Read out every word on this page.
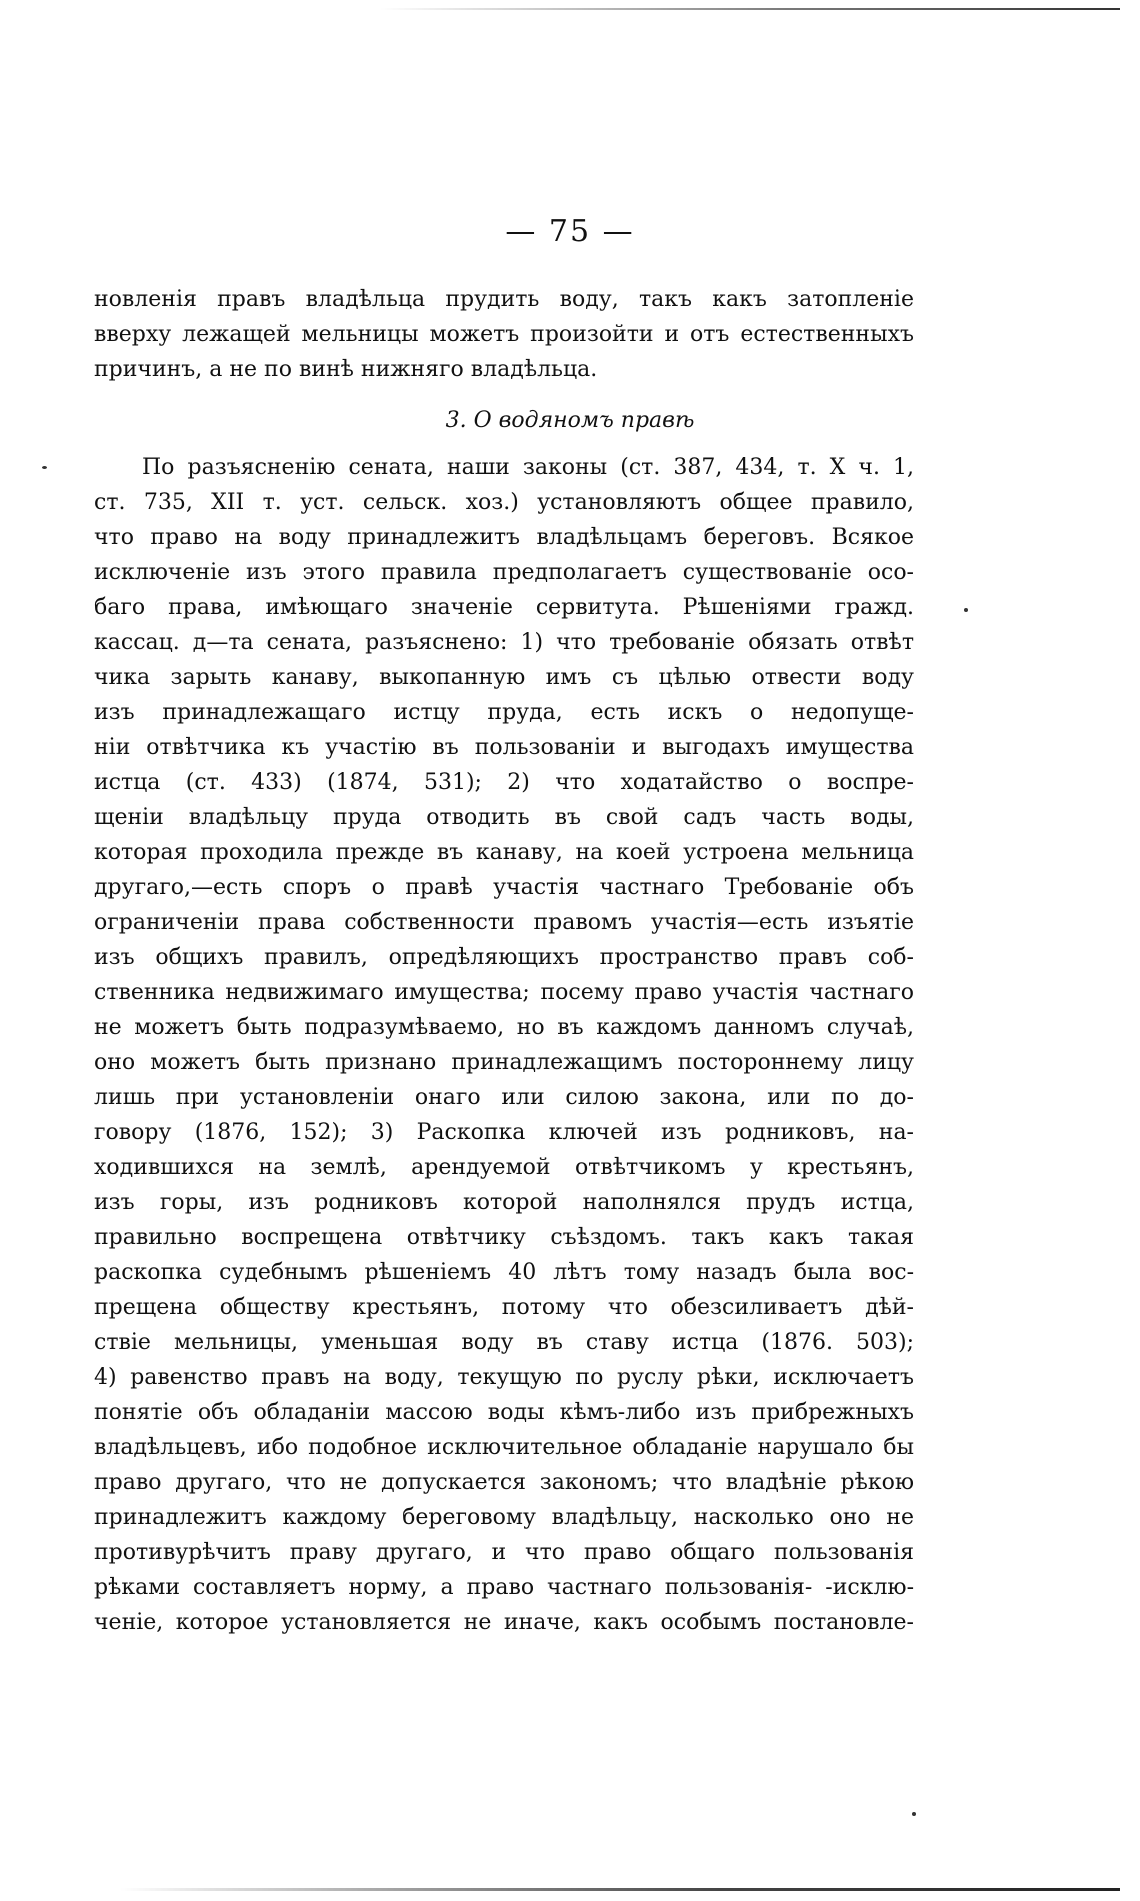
— 75 —
новленія правъ владѣльца прудить воду, такъ какъ затопленіе
вверху лежащей мельницы можетъ произойти и отъ естественныхъ
причинъ, а не по винѣ нижняго владѣльца.
3. О водяномъ правѣ
По разъясненію сената, наши законы (ст. 387, 434, т. X ч. 1,
ст. 735, XII т. уст. сельск. хоз.) установляютъ общее правило,
что право на воду принадлежитъ владѣльцамъ береговъ. Всякое
исключеніе изъ этого правила предполагаетъ существованіе осо-
баго права, имѣющаго значеніе сервитута. Рѣшеніями гражд.
кассац. д—та сената, разъяснено: 1) что требованіе обязать отвѣт
чика зарыть канаву, выкопанную имъ съ цѣлью отвести воду
изъ принадлежащаго истцу пруда, есть искъ о недопуще-
ніи отвѣтчика къ участію въ пользованіи и выгодахъ имущества
истца (ст. 433) (1874, 531); 2) что ходатайство о воспре-
щеніи владѣльцу пруда отводить въ свой садъ часть воды,
которая проходила прежде въ канаву, на коей устроена мельница
другаго,—есть споръ о правѣ участія частнаго Требованіе объ
ограниченіи права собственности правомъ участія—есть изъятіе
изъ общихъ правилъ, опредѣляющихъ пространство правъ соб-
ственника недвижимаго имущества; посему право участія частнаго
не можетъ быть подразумѣваемо, но въ каждомъ данномъ случаѣ,
оно можетъ быть признано принадлежащимъ постороннему лицу
лишь при установленіи онаго или силою закона, или по до-
говору (1876, 152); 3) Раскопка ключей изъ родниковъ, на-
ходившихся на землѣ, арендуемой отвѣтчикомъ у крестьянъ,
изъ горы, изъ родниковъ которой наполнялся прудъ истца,
правильно воспрещена отвѣтчику съѣздомъ. такъ какъ такая
раскопка судебнымъ рѣшеніемъ 40 лѣтъ тому назадъ была вос-
прещена обществу крестьянъ, потому что обезсиливаетъ дѣй-
ствіе мельницы, уменьшая воду въ ставу истца (1876. 503);
4) равенство правъ на воду, текущую по руслу рѣки, исключаетъ
понятіе объ обладаніи массою воды кѣмъ-либо изъ прибрежныхъ
владѣльцевъ, ибо подобное исключительное обладаніе нарушало бы
право другаго, что не допускается закономъ; что владѣніе рѣкою
принадлежитъ каждому береговому владѣльцу, насколько оно не
противурѣчитъ праву другаго, и что право общаго пользованія
рѣками составляетъ норму, а право частнаго пользованія- -исклю-
ченіе, которое установляется не иначе, какъ особымъ постановле-
